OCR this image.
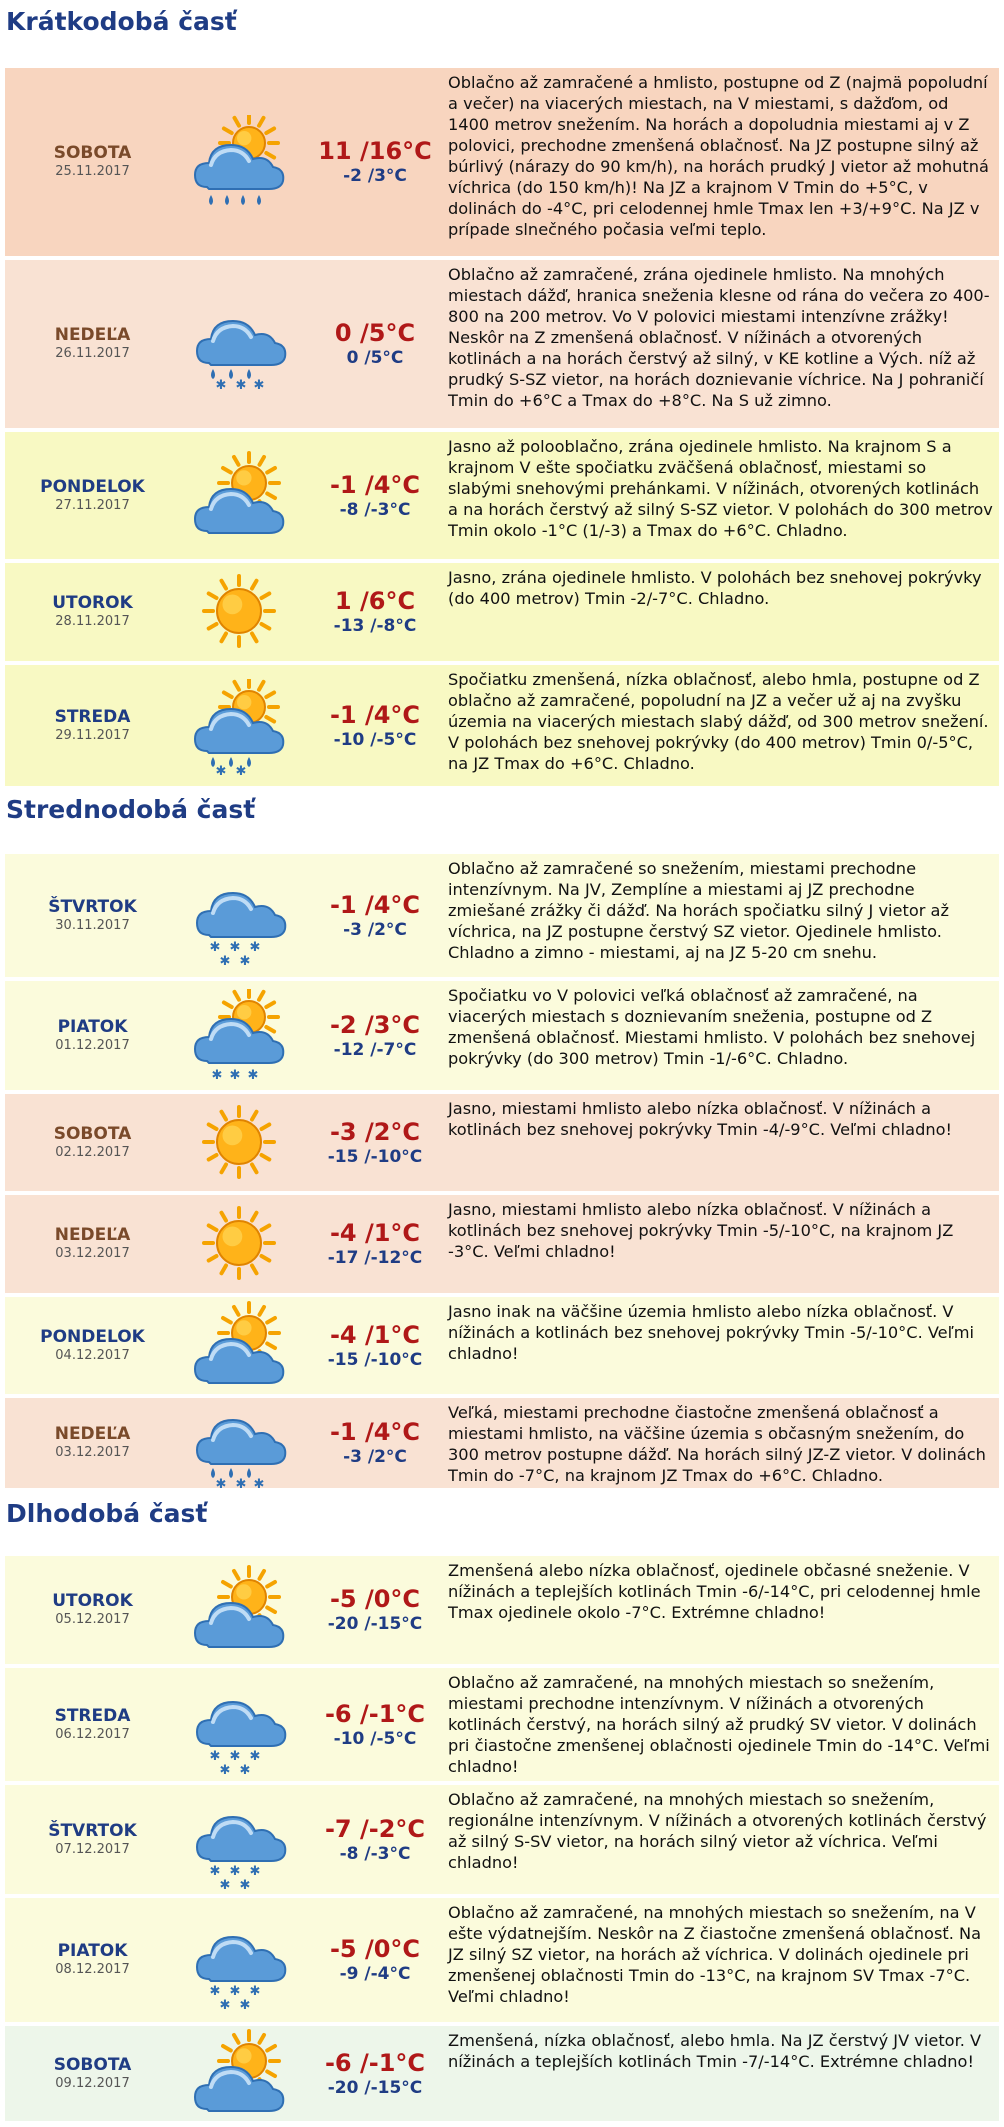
Krátkodobá časť
Strednodobá časť
Dlhodobá časť
SOBOTA
25.11.2017
11 /16°C
-2 /3°C

Oblačno až zamračené a hmlisto, postupne od Z (najmä popoludní a večer) na viacerých miestach, na V miestami, s dažďom, od 1400 metrov snežením. Na horách a dopoludnia miestami aj v Z polovici, prechodne zmenšená oblačnosť. Na JZ postupne silný až búrlivý (nárazy do 90 km/h), na horách prudký J vietor až mohutná víchrica (do 150 km/h)! Na JZ a krajnom V Tmin do +5°C, v dolinách do -4°C, pri celodennej hmle Tmax len +3/+9°C. Na JZ v prípade slnečného počasia veľmi teplo.

NEDEĽA
26.11.2017
✱ ✱ ✱
0 /5°C
0 /5°C

Oblačno až zamračené, zrána ojedinele hmlisto. Na mnohých miestach dážď, hranica sneženia klesne od rána do večera zo 400-800 na 200 metrov. Vo V polovici miestami intenzívne zrážky! Neskôr na Z zmenšená oblačnosť. V nížinách a otvorených kotlinách a na horách čerstvý až silný, v KE kotline a Vých. níž až prudký S-SZ vietor, na horách doznievanie víchrice. Na J pohraničí Tmin do +6°C a Tmax do +8°C. Na S už zimno.

PONDELOK
27.11.2017
-1 /4°C
-8 /-3°C

Jasno až polooblačno, zrána ojedinele hmlisto. Na krajnom S a krajnom V ešte spočiatku zväčšená oblačnosť, miestami so slabými snehovými prehánkami. V nížinách, otvorených kotlinách a na horách čerstvý až silný S-SZ vietor. V polohách do 300 metrov Tmin okolo -1°C (1/-3) a Tmax do +6°C. Chladno.

UTOROK
28.11.2017
1 /6°C
-13 /-8°C

Jasno, zrána ojedinele hmlisto. V polohách bez snehovej pokrývky (do 400 metrov) Tmin -2/-7°C. Chladno.

STREDA
29.11.2017
✱ ✱
-1 /4°C
-10 /-5°C

Spočiatku zmenšená, nízka oblačnosť, alebo hmla, postupne od Z oblačno až zamračené, popoludní na JZ a večer už aj na zvyšku územia na viacerých miestach slabý dážď, od 300 metrov snežení. V polohách bez snehovej pokrývky (do 400 metrov) Tmin 0/-5°C, na JZ Tmax do +6°C. Chladno.

ŠTVRTOK
30.11.2017
✱ ✱ ✱
✱ ✱
-1 /4°C
-3 /2°C

Oblačno až zamračené so snežením, miestami prechodne intenzívnym. Na JV, Zemplíne a miestami aj JZ prechodne zmiešané zrážky či dážď. Na horách spočiatku silný J vietor až víchrica, na JZ postupne čerstvý SZ vietor. Ojedinele hmlisto. Chladno a zimno - miestami, aj na JZ 5-20 cm snehu.

PIATOK
01.12.2017
✱ ✱ ✱
-2 /3°C
-12 /-7°C

Spočiatku vo V polovici veľká oblačnosť až zamračené, na viacerých miestach s doznievaním sneženia, postupne od Z zmenšená oblačnosť. Miestami hmlisto. V polohách bez snehovej pokrývky (do 300 metrov) Tmin -1/-6°C. Chladno.

SOBOTA
02.12.2017
-3 /2°C
-15 /-10°C

Jasno, miestami hmlisto alebo nízka oblačnosť. V nížinách a kotlinách bez snehovej pokrývky Tmin -4/-9°C. Veľmi chladno!

NEDEĽA
03.12.2017
-4 /1°C
-17 /-12°C

Jasno, miestami hmlisto alebo nízka oblačnosť. V nížinách a kotlinách bez snehovej pokrývky Tmin -5/-10°C, na krajnom JZ -3°C. Veľmi chladno!

PONDELOK
04.12.2017
-4 /1°C
-15 /-10°C

Jasno inak na väčšine územia hmlisto alebo nízka oblačnosť. V nížinách a kotlinách bez snehovej pokrývky Tmin -5/-10°C. Veľmi chladno!

NEDEĽA
03.12.2017
✱ ✱ ✱
-1 /4°C
-3 /2°C

Veľká, miestami prechodne čiastočne zmenšená oblačnosť a miestami hmlisto, na väčšine územia s občasným snežením, do 300 metrov postupne dážď. Na horách silný JZ-Z vietor. V dolinách Tmin do -7°C, na krajnom JZ Tmax do +6°C. Chladno.

UTOROK
05.12.2017
-5 /0°C
-20 /-15°C

Zmenšená alebo nízka oblačnosť, ojedinele občasné sneženie. V nížinách a teplejších kotlinách Tmin -6/-14°C, pri celodennej hmle Tmax ojedinele okolo -7°C. Extrémne chladno!

STREDA
06.12.2017
✱ ✱ ✱
✱ ✱
-6 /-1°C
-10 /-5°C

Oblačno až zamračené, na mnohých miestach so snežením, miestami prechodne intenzívnym. V nížinách a otvorených kotlinách čerstvý, na horách silný až prudký SV vietor. V dolinách pri čiastočne zmenšenej oblačnosti ojedinele Tmin do -14°C. Veľmi chladno!

ŠTVRTOK
07.12.2017
✱ ✱ ✱
✱ ✱
-7 /-2°C
-8 /-3°C

Oblačno až zamračené, na mnohých miestach so snežením, regionálne intenzívnym. V nížinách a otvorených kotlinách čerstvý až silný S-SV vietor, na horách silný vietor až víchrica. Veľmi chladno!

PIATOK
08.12.2017
✱ ✱ ✱
✱ ✱
-5 /0°C
-9 /-4°C

Oblačno až zamračené, na mnohých miestach so snežením, na V ešte výdatnejším. Neskôr na Z čiastočne zmenšená oblačnosť. Na JZ silný SZ vietor, na horách až víchrica. V dolinách ojedinele pri zmenšenej oblačnosti Tmin do -13°C, na krajnom SV Tmax -7°C. Veľmi chladno!

SOBOTA
09.12.2017
-6 /-1°C
-20 /-15°C

Zmenšená, nízka oblačnosť, alebo hmla. Na JZ čerstvý JV vietor. V nížinách a teplejších kotlinách Tmin -7/-14°C. Extrémne chladno!
